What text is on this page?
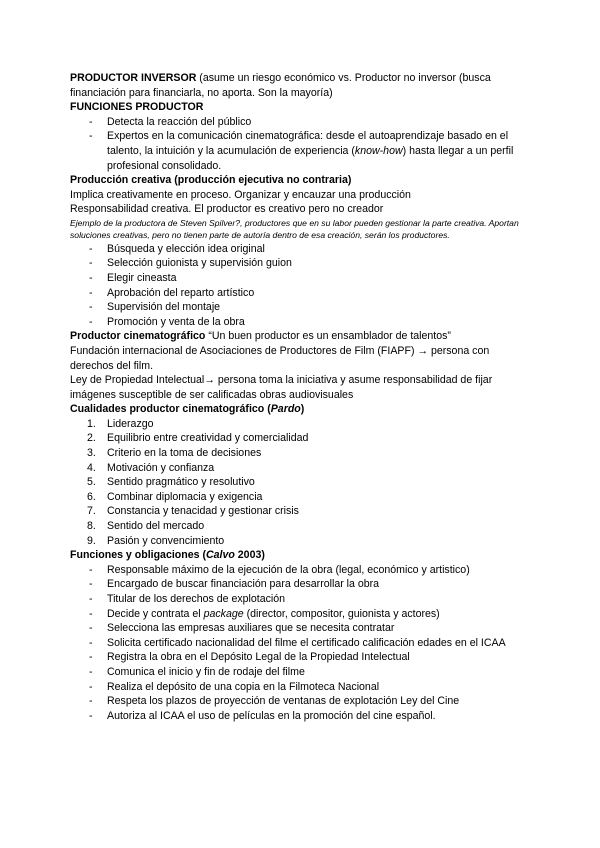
PRODUCTOR INVERSOR (asume un riesgo económico vs. Productor no inversor (busca financiación para financiarla, no aporta. Son la mayoría)

FUNCIONES PRODUCTOR

- Detecta la reacción del público
- Expertos en la comunicación cinematográfica: desde el autoaprendizaje basado en el talento, la intuición y la acumulación de experiencia (know-how) hasta llegar a un perfil profesional consolidado.

Producción creativa (producción ejecutiva no contraria)

Implica creativamente en proceso. Organizar y encauzar una producción

Responsabilidad creativa. El productor es creativo pero no creador

Ejemplo de la productora de Steven Spilver?, productores que en su labor pueden gestionar la parte creativa. Aportan soluciones creativas, pero no tienen parte de autoría dentro de esa creación, serán los productores.

- Búsqueda y elección idea original
- Selección guionista y supervisión guion
- Elegir cineasta
- Aprobación del reparto artístico
- Supervisión del montaje
- Promoción y venta de la obra

Productor cinematográfico “Un buen productor es un ensamblador de talentos”

Fundación internacional de Asociaciones de Productores de Film (FIAPF) → persona con derechos del film.

Ley de Propiedad Intelectual→ persona toma la iniciativa y asume responsabilidad de fijar imágenes susceptible de ser calificadas obras audiovisuales

Cualidades productor cinematográfico (Pardo)

1. Liderazgo
2. Equilibrio entre creatividad y comercialidad
3. Criterio en la toma de decisiones
4. Motivación y confianza
5. Sentido pragmático y resolutivo
6. Combinar diplomacia y exigencia
7. Constancia y tenacidad y gestionar crisis
8. Sentido del mercado
9. Pasión y convencimiento

Funciones y obligaciones (Calvo 2003)

- Responsable máximo de la ejecución de la obra (legal, económico y artistico)
- Encargado de buscar financiación para desarrollar la obra
- Titular de los derechos de explotación
- Decide y contrata el package (director, compositor, guionista y actores)
- Selecciona las empresas auxiliares que se necesita contratar
- Solicita certificado nacionalidad del filme el certificado calificación edades en el ICAA
- Registra la obra en el Depósito Legal de la Propiedad Intelectual
- Comunica el inicio y fin de rodaje del filme
- Realiza el depósito de una copia en la Filmoteca Nacional
- Respeta los plazos de proyección de ventanas de explotación Ley del Cine
- Autoriza al ICAA el uso de películas en la promoción del cine español.
